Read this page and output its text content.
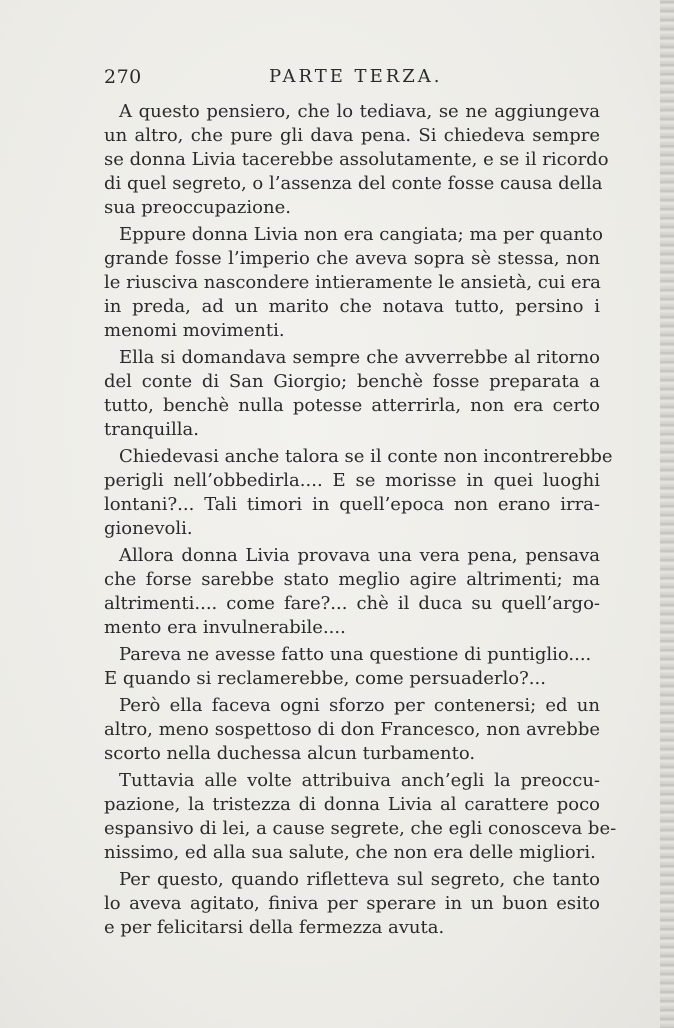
270	PARTE TERZA.
A questo pensiero, che lo tediava, se ne aggiungeva
un altro, che pure gli dava pena. Si chiedeva sempre
se donna Livia tacerebbe assolutamente, e se il ricordo
di quel segreto, o l’assenza del conte fosse causa della
sua preoccupazione.
Eppure donna Livia non era cangiata; ma per quanto
grande fosse l’imperio che aveva sopra sè stessa, non
le riusciva nascondere intieramente le ansietà, cui era
in preda, ad un marito che notava tutto, persino i
menomi movimenti.
Ella si domandava sempre che avverrebbe al ritorno
del conte di San Giorgio; benchè fosse preparata a
tutto, benchè nulla potesse atterrirla, non era certo
tranquilla.
Chiedevasi anche talora se il conte non incontrerebbe
perigli nell’obbedirla.... E se morisse in quei luoghi
lontani?... Tali timori in quell’epoca non erano irra-
gionevoli.
Allora donna Livia provava una vera pena, pensava
che forse sarebbe stato meglio agire altrimenti; ma
altrimenti.... come fare?... chè il duca su quell’argo-
mento era invulnerabile....
Pareva ne avesse fatto una questione di puntiglio....
E quando si reclamerebbe, come persuaderlo?...
Però ella faceva ogni sforzo per contenersi; ed un
altro, meno sospettoso di don Francesco, non avrebbe
scorto nella duchessa alcun turbamento.
Tuttavia alle volte attribuiva anch’egli la preoccu-
pazione, la tristezza di donna Livia al carattere poco
espansivo di lei, a cause segrete, che egli conosceva be-
nissimo, ed alla sua salute, che non era delle migliori.
Per questo, quando rifletteva sul segreto, che tanto
lo aveva agitato, finiva per sperare in un buon esito
e per felicitarsi della fermezza avuta.
